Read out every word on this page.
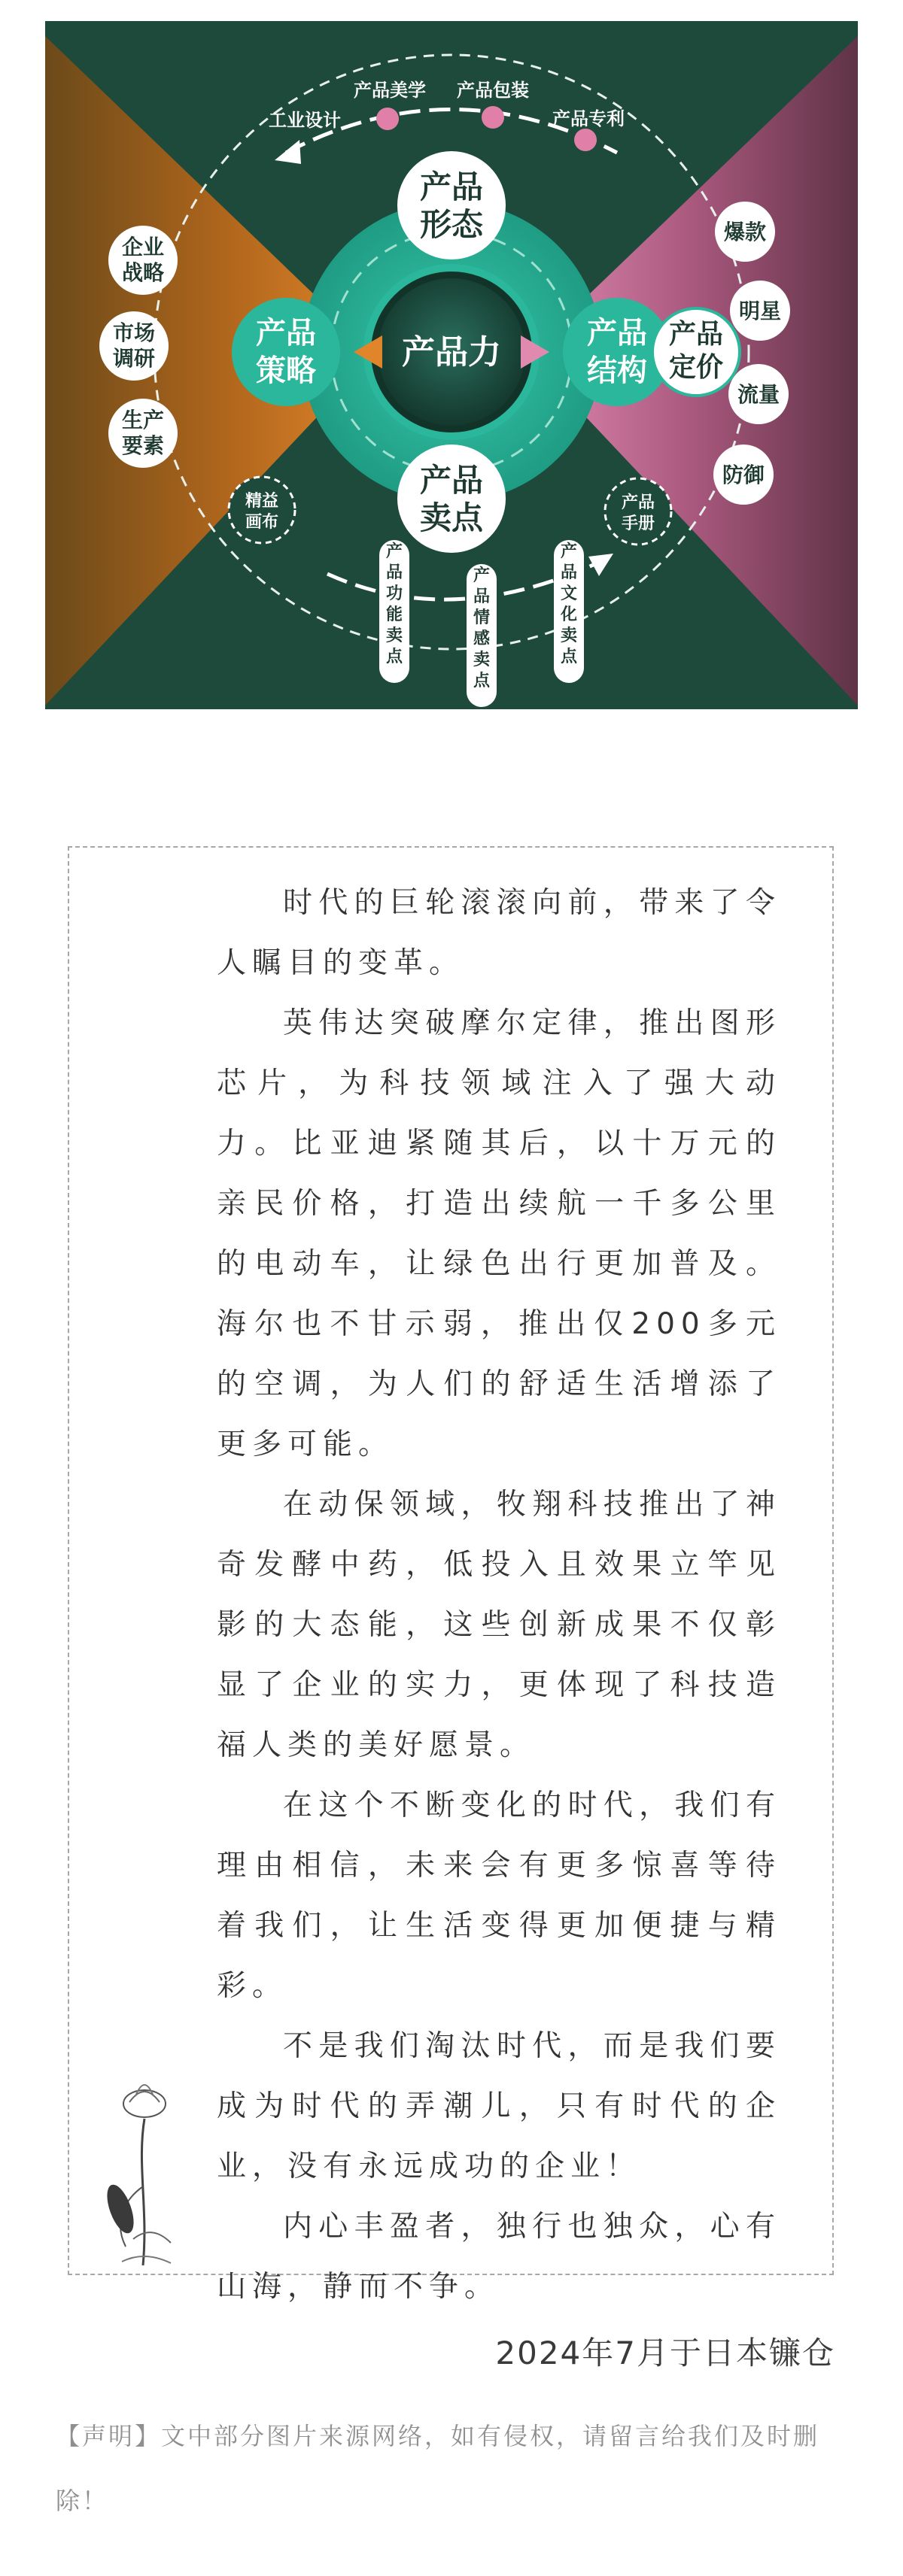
产品力
产品
形态
产品
卖点
产品
策略
产品
结构
产品
定价
工业设计
产品美学 产品包装
产品专利
企业
战略
市场
调研
生产
要素
爆款
明星
流量
防御
精益
画布
产品
手册
产
品
功
能
卖
点
产
品
情
感
卖
点
产
品
文
化
卖
点

时代的巨轮滚滚向前，带来了令人瞩目的变革。

英伟达突破摩尔定律，推出图形芯片，为科技领域注入了强大动力。比亚迪紧随其后，以十万元的亲民价格，打造出续航一千多公里的电动车，让绿色出行更加普及。海尔也不甘示弱，推出仅200多元的空调，为人们的舒适生活增添了更多可能。

在动保领域，牧翔科技推出了神奇发酵中药，低投入且效果立竿见影的大态能，这些创新成果不仅彰显了企业的实力，更体现了科技造福人类的美好愿景。

在这个不断变化的时代，我们有理由相信，未来会有更多惊喜等待着我们，让生活变得更加便捷与精彩。

不是我们淘汰时代，而是我们要成为时代的弄潮儿，只有时代的企业，没有永远成功的企业！

内心丰盈者，独行也独众，心有山海，静而不争。

2024年7月于日本镰仓
【声明】文中部分图片来源网络，如有侵权，请留言给我们及时删除！
